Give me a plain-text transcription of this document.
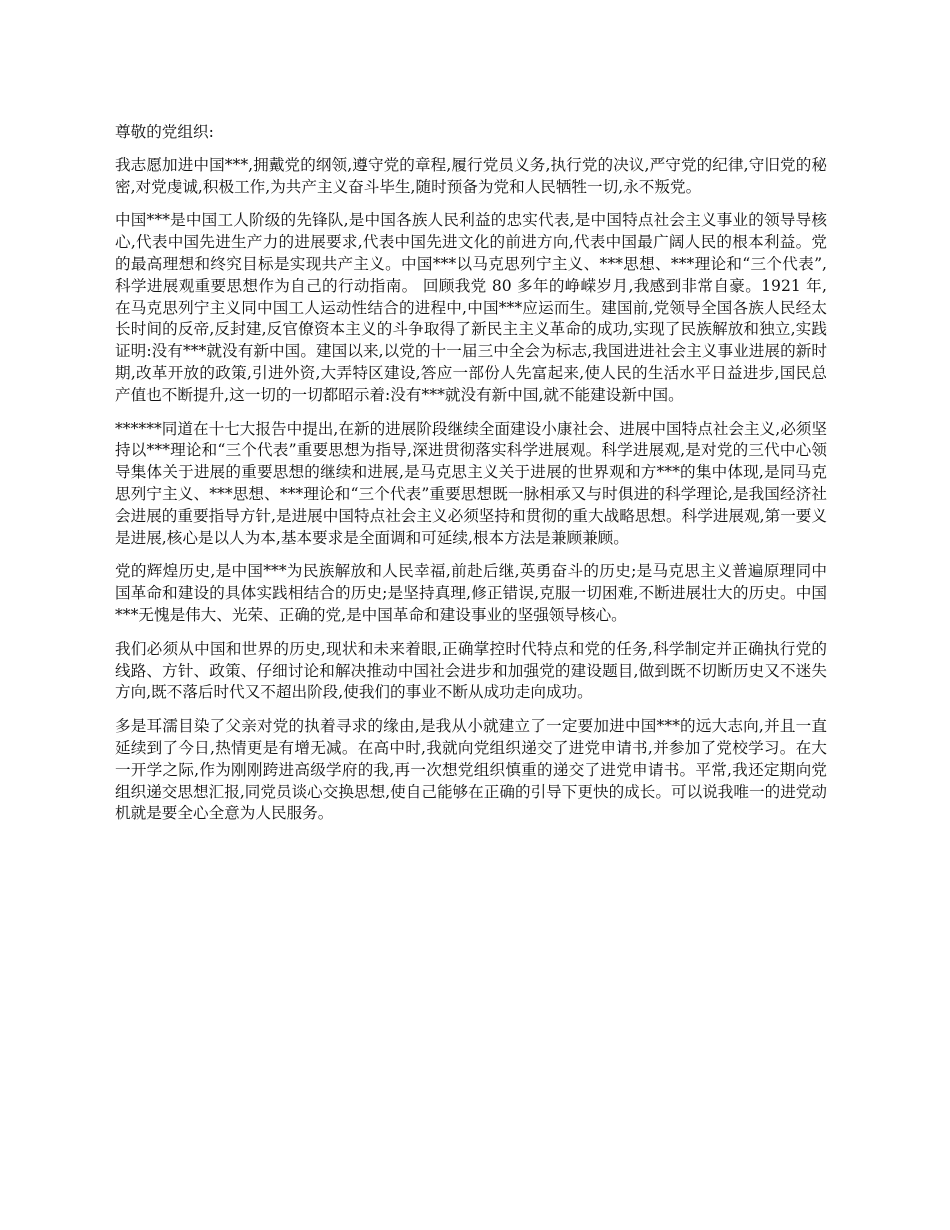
尊敬的党组织:

我志愿加进中国***,拥戴党的纲领,遵守党的章程,履行党员义务,执行党的决议,严守党的纪律,守旧党的秘密,对党虔诚,积极工作,为共产主义奋斗毕生,随时预备为党和人民牺牲一切,永不叛党。

中国***是中国工人阶级的先锋队,是中国各族人民利益的忠实代表,是中国特点社会主义事业的领导导核心,代表中国先进生产力的进展要求,代表中国先进文化的前进方向,代表中国最广阔人民的根本利益。党的最高理想和终究目标是实现共产主义。中国***以马克思列宁主义、***思想、***理论和“三个代表”, 科学进展观重要思想作为自己的行动指南。 回顾我党 80 多年的峥嵘岁月,我感到非常自豪。1921 年,在马克思列宁主义同中国工人运动性结合的进程中,中国***应运而生。建国前,党领导全国各族人民经太长时间的反帝,反封建,反官僚资本主义的斗争取得了新民主主义革命的成功,实现了民族解放和独立,实践证明:没有***就没有新中国。建国以来,以党的十一届三中全会为标志,我国进进社会主义事业进展的新时期,改革开放的政策,引进外资,大弄特区建设,答应一部份人先富起来,使人民的生活水平日益进步,国民总产值也不断提升,这一切的一切都昭示着:没有***就没有新中国,就不能建设新中国。

******同道在十七大报告中提出,在新的进展阶段继续全面建设小康社会、进展中国特点社会主义,必须坚持以***理论和“三个代表”重要思想为指导,深进贯彻落实科学进展观。科学进展观,是对党的三代中心领导集体关于进展的重要思想的继续和进展,是马克思主义关于进展的世界观和方***的集中体现,是同马克思列宁主义、***思想、***理论和“三个代表”重要思想既一脉相承又与时俱进的科学理论,是我国经济社会进展的重要指导方针,是进展中国特点社会主义必须坚持和贯彻的重大战略思想。科学进展观,第一要义是进展,核心是以人为本,基本要求是全面调和可延续,根本方法是兼顾兼顾。

党的辉煌历史,是中国***为民族解放和人民幸福,前赴后继,英勇奋斗的历史;是马克思主义普遍原理同中国革命和建设的具体实践相结合的历史;是坚持真理,修正错误,克服一切困难,不断进展壮大的历史。中国***无愧是伟大、光荣、正确的党,是中国革命和建设事业的坚强领导核心。

我们必须从中国和世界的历史,现状和未来着眼,正确掌控时代特点和党的任务,科学制定并正确执行党的线路、方针、政策、仔细讨论和解决推动中国社会进步和加强党的建设题目,做到既不切断历史又不迷失方向,既不落后时代又不超出阶段,使我们的事业不断从成功走向成功。

多是耳濡目染了父亲对党的执着寻求的缘由,是我从小就建立了一定要加进中国***的远大志向,并且一直延续到了今日,热情更是有增无减。在高中时,我就向党组织递交了进党申请书,并参加了党校学习。在大一开学之际,作为刚刚跨进高级学府的我,再一次想党组织慎重的递交了进党申请书。平常,我还定期向党组织递交思想汇报,同党员谈心交换思想,使自己能够在正确的引导下更快的成长。可以说我唯一的进党动机就是要全心全意为人民服务。
